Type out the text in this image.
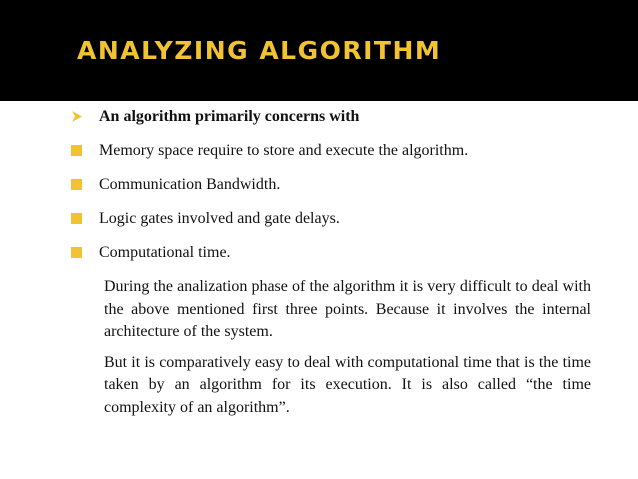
ANALYZING ALGORITHM
An algorithm primarily concerns with
Memory space require to store and execute the algorithm.
Communication Bandwidth.
Logic gates involved and gate delays.
Computational time.

During the analization phase of the algorithm it is very difficult to deal with the above mentioned first three points. Because it involves the internal architecture of the system.

But it is comparatively easy to deal with computational time that is the time taken by an algorithm for its execution. It is also called “the time complexity of an algorithm”.
